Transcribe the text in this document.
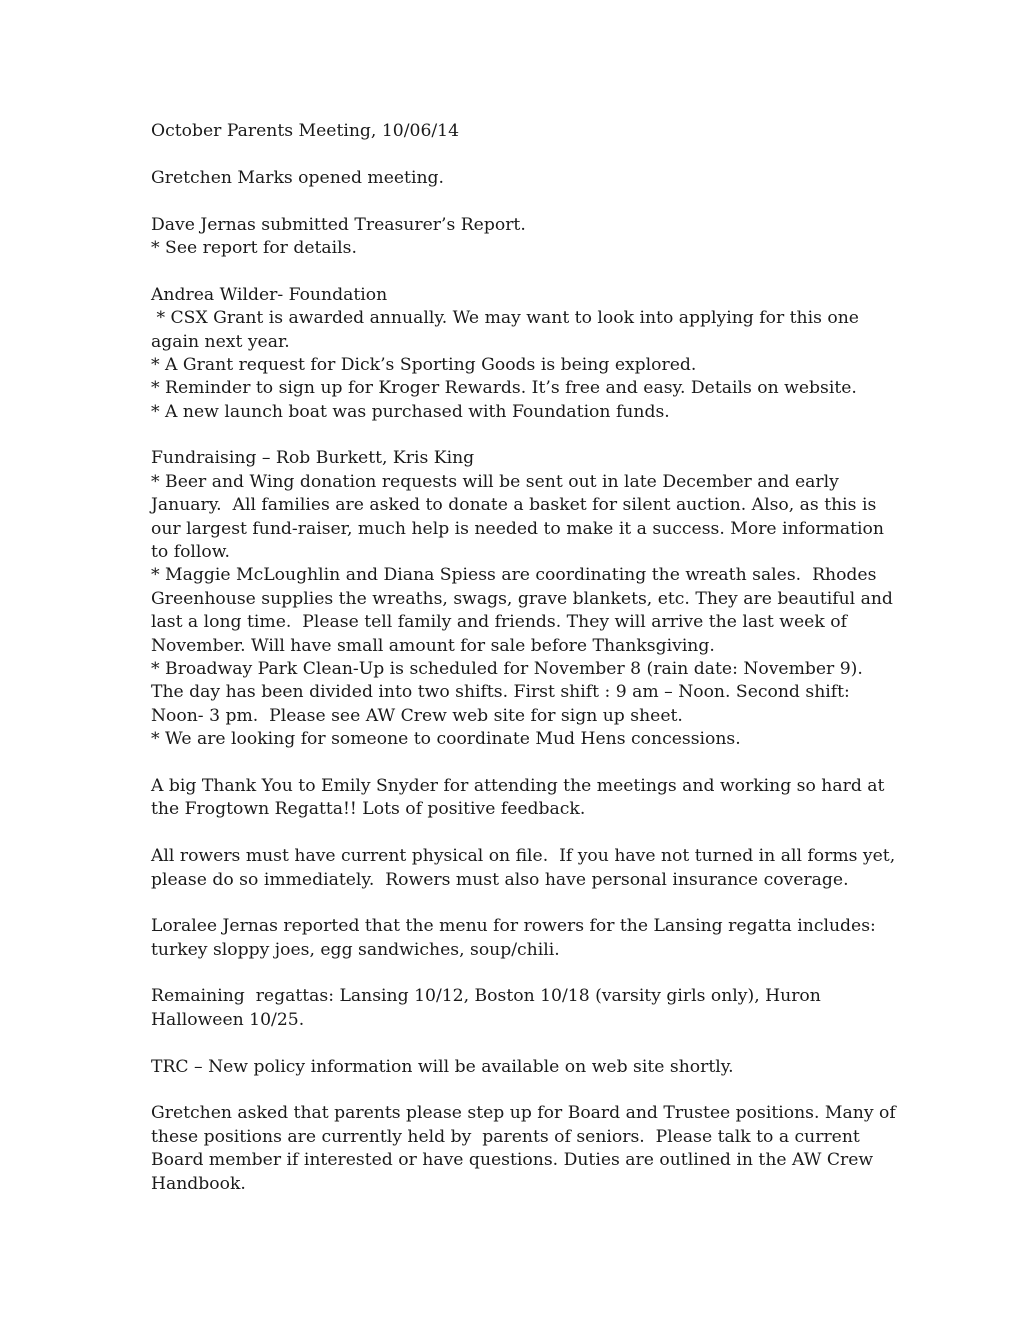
October Parents Meeting, 10/06/14
Gretchen Marks opened meeting.
Dave Jernas submitted Treasurer’s Report.
* See report for details.
Andrea Wilder- Foundation
* CSX Grant is awarded annually. We may want to look into applying for this one
again next year.
* A Grant request for Dick’s Sporting Goods is being explored.
* Reminder to sign up for Kroger Rewards. It’s free and easy. Details on website.
* A new launch boat was purchased with Foundation funds.
Fundraising – Rob Burkett, Kris King
* Beer and Wing donation requests will be sent out in late December and early
January.  All families are asked to donate a basket for silent auction. Also, as this is
our largest fund-raiser, much help is needed to make it a success. More information
to follow.
* Maggie McLoughlin and Diana Spiess are coordinating the wreath sales.  Rhodes
Greenhouse supplies the wreaths, swags, grave blankets, etc. They are beautiful and
last a long time.  Please tell family and friends. They will arrive the last week of
November. Will have small amount for sale before Thanksgiving.
* Broadway Park Clean-Up is scheduled for November 8 (rain date: November 9).
The day has been divided into two shifts. First shift : 9 am – Noon. Second shift:
Noon- 3 pm.  Please see AW Crew web site for sign up sheet.
* We are looking for someone to coordinate Mud Hens concessions.
A big Thank You to Emily Snyder for attending the meetings and working so hard at
the Frogtown Regatta!! Lots of positive feedback.
All rowers must have current physical on file.  If you have not turned in all forms yet,
please do so immediately.  Rowers must also have personal insurance coverage.
Loralee Jernas reported that the menu for rowers for the Lansing regatta includes:
turkey sloppy joes, egg sandwiches, soup/chili.
Remaining  regattas: Lansing 10/12, Boston 10/18 (varsity girls only), Huron
Halloween 10/25.
TRC – New policy information will be available on web site shortly.
Gretchen asked that parents please step up for Board and Trustee positions. Many of
these positions are currently held by  parents of seniors.  Please talk to a current
Board member if interested or have questions. Duties are outlined in the AW Crew
Handbook.
